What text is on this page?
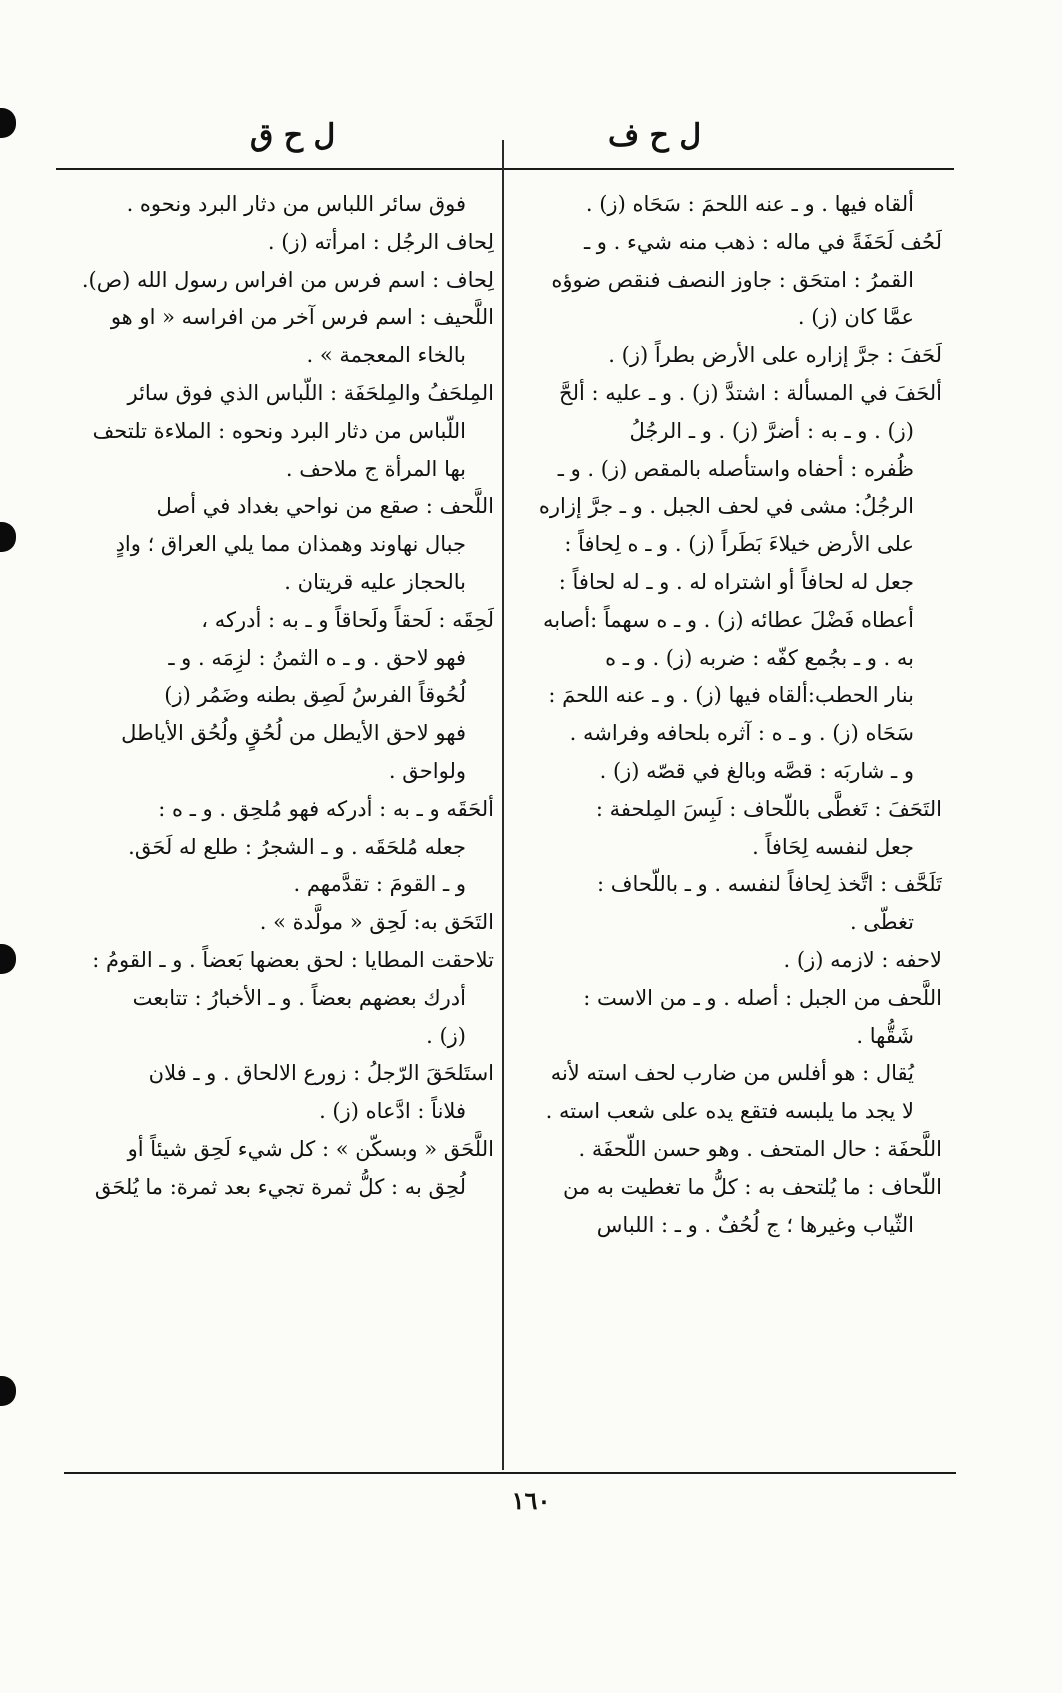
ل ح ف
ل ح ق
ألقاه فيها . و ـ عنه اللحمَ : سَحَاه (ز) .
لَحُف لَحَفَةً في ماله : ذهب منه شيء . و ـ
القمرُ : امتحَق : جاوز النصف فنقص ضوؤه
عمَّا كان (ز) .
لَحَفَ : جرَّ إزاره على الأرض بطراً (ز) .
ألحَفَ في المسألة : اشتدَّ (ز) . و ـ عليه : ألحَّ
(ز) . و ـ به : أضرَّ (ز) . و ـ الرجُلُ
ظُفره : أحفاه واستأصله بالمقص (ز) . و ـ
الرجُلُ: مشى في لحف الجبل . و ـ جرَّ إزاره
على الأرض خيلاءَ بَطَراً (ز) . و ـ ه لِحافاً :
جعل له لحافاً أو اشتراه له . و ـ له لحافاً :
أعطاه فَضْلَ عطائه (ز) . و ـ ه سهماً :أصابه
به . و ـ بجُمع كفّه : ضربه (ز) . و ـ ه
بنار الحطب:ألقاه فيها (ز) . و ـ عنه اللحمَ :
سَحَاه (ز) . و ـ ه : آثره بلحافه وفراشه .
و ـ شاربَه : قصَّه وبالغ في قصّه (ز) .
التَحَفَ : تَغطَّى باللّحاف : لَبِسَ المِلحفة :
جعل لنفسه لِحَافاً .
تَلَحَّف : اتَّخذ لِحافاً لنفسه . و ـ باللّحاف :
تغطّى .
لاحفه : لازمه (ز) .
اللَّحف من الجبل : أصله . و ـ من الاست :
شَقُّها .
يُقال : هو أفلس من ضارب لحف استه لأنه
لا يجد ما يلبسه فتقع يده على شعب استه .
اللَّحفَة : حال المتحف . وهو حسن اللّحفَة .
اللّحاف : ما يُلتحف به : كلُّ ما تغطيت به من
الثّياب وغيرها ؛ ج لُحُفٌ . و ـ : اللباس
فوق سائر اللباس من دثار البرد ونحوه .
لِحاف الرجُل : امرأته (ز) .
لِحاف : اسم فرس من افراس رسول الله (ص).
اللَّحيف : اسم فرس آخر من افراسه « او هو
بالخاء المعجمة » .
المِلحَفُ والمِلحَفَة : اللّباس الذي فوق سائر
اللّباس من دثار البرد ونحوه : الملاءة تلتحف
بها المرأة ج ملاحف .
اللَّحف : صقع من نواحي بغداد في أصل
جبال نهاوند وهمذان مما يلي العراق ؛ وادٍ
بالحجاز عليه قريتان .
لَحِقَه : لَحقاً ولَحاقاً و ـ به : أدركه ،
فهو لاحق . و ـ ه الثمنُ : لزِمَه . و ـ
لُحُوقاً الفرسُ لَصِق بطنه وضَمُر (ز)
فهو لاحق الأيطل من لُحُقٍ ولُحُق الأياطل
ولواحق .
ألحَقَه و ـ به : أدركه فهو مُلحِق . و ـ ه :
جعله مُلحَقَه . و ـ الشجرُ : طلع له لَحَق.
و ـ القومَ : تقدَّمهم .
التَحَق به: لَحِق « مولَّدة » .
تلاحقت المطايا : لحق بعضها بَعضاً . و ـ القومُ :
أدرك بعضهم بعضاً . و ـ الأخبارُ : تتابعت
(ز) .
استَلحَقَ الرّجلُ : زورع الالحاق . و ـ فلان
فلاناً : ادَّعاه (ز) .
اللَّحَق « وبسكّن » : كل شيء لَحِق شيئاً أو
لُحِق به : كلُّ ثمرة تجيء بعد ثمرة: ما يُلحَق
١٦٠
